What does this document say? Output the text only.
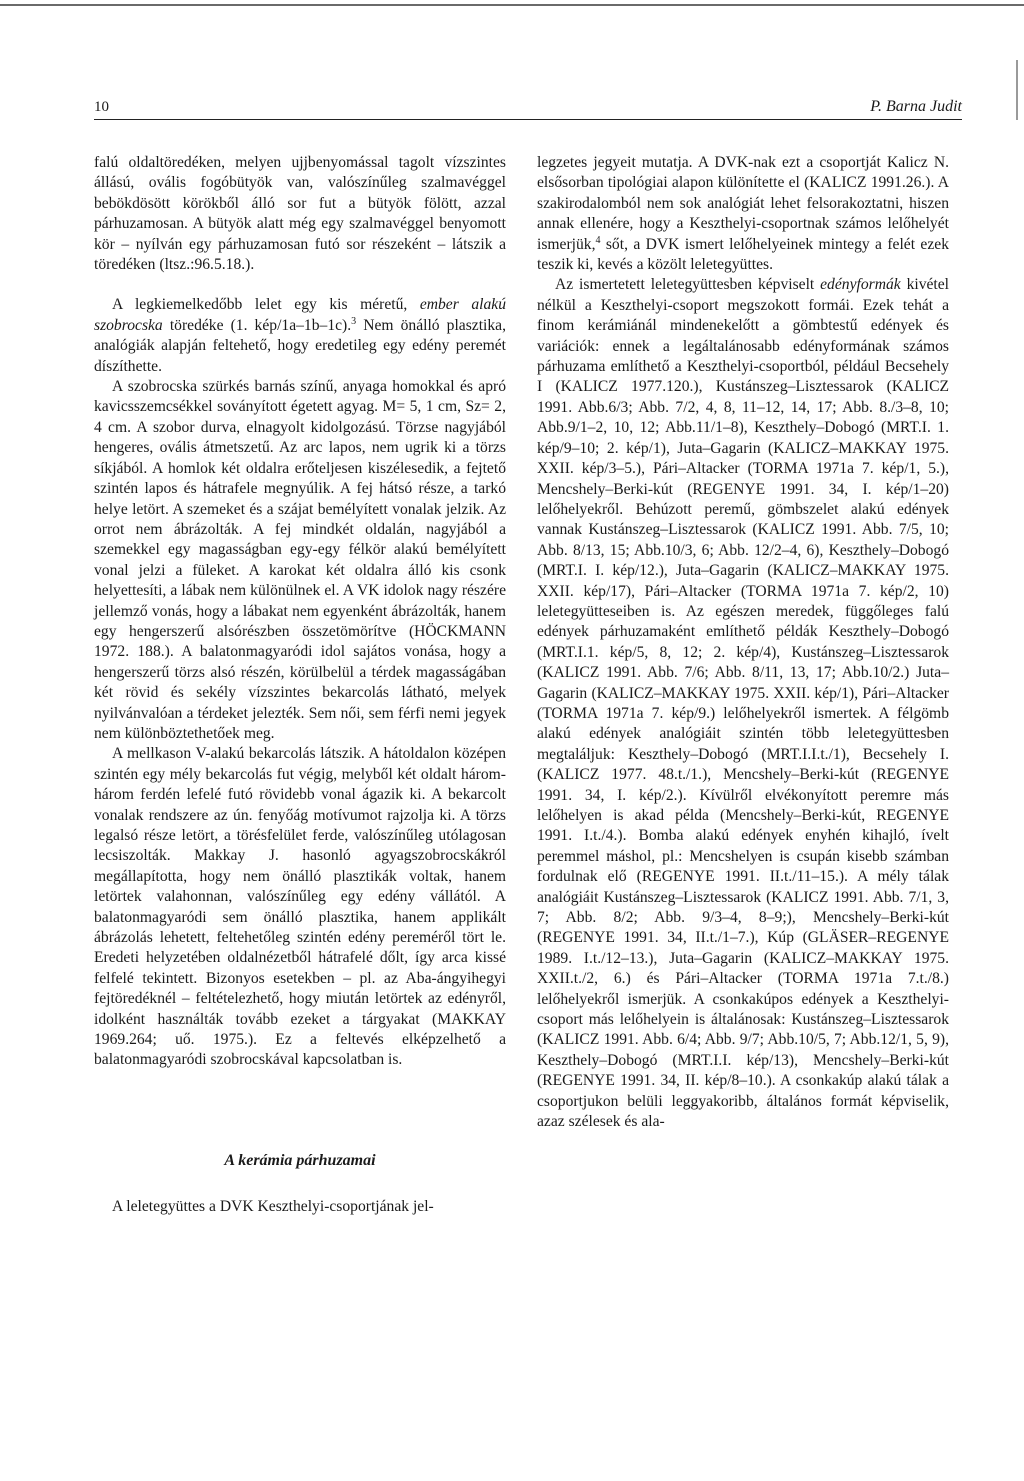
10	P. Barna Judit

falú oldaltöredéken, melyen ujjbenyomással tagolt vízszintes állású, ovális fogóbütyök van, valószínűleg szalmavéggel bebökdösött körökből álló sor fut a bütyök fölött, azzal párhuzamosan. A bütyök alatt még egy szalmavéggel benyomott kör – nyílván egy párhuzamosan futó sor részeként – látszik a töredéken (ltsz.:96.5.18.).

A legkiemelkedőbb lelet egy kis méretű, ember alakú szobrocska töredéke (1. kép/1a–1b–1c).$^3$ Nem önálló plasztika, analógiák alapján feltehető, hogy eredetileg egy edény peremét díszíthette.

A szobrocska szürkés barnás színű, anyaga homokkal és apró kavicsszemcsékkel soványított égetett agyag. M= 5, 1 cm, Sz= 2, 4 cm. A szobor durva, elnagyolt kidolgozású. Törzse nagyjából hengeres, ovális átmetszetű. Az arc lapos, nem ugrik ki a törzs síkjából. A homlok két oldalra erőteljesen kiszélesedik, a fejtető szintén lapos és hátrafele megnyúlik. A fej hátsó része, a tarkó helye letört. A szemeket és a szájat bemélyített vonalak jelzik. Az orrot nem ábrázolták. A fej mindkét oldalán, nagyjából a szemekkel egy magasságban egy-egy félkör alakú bemélyített vonal jelzi a füleket. A karokat két oldalra álló kis csonk helyettesíti, a lábak nem különülnek el. A VK idolok nagy részére jellemző vonás, hogy a lábakat nem egyenként ábrázolták, hanem egy hengerszerű alsórészben összetömörítve (HÖCKMANN 1972. 188.). A balatonmagyaródi idol sajátos vonása, hogy a hengerszerű törzs alsó részén, körülbelül a térdek magasságában két rövid és sekély vízszintes bekarcolás látható, melyek nyilvánvalóan a térdeket jelezték. Sem női, sem férfi nemi jegyek nem különböztethetőek meg.

A mellkason V-alakú bekarcolás látszik. A hátoldalon középen szintén egy mély bekarcolás fut végig, melyből két oldalt három-három ferdén lefelé futó rövidebb vonal ágazik ki. A bekarcolt vonalak rendszere az ún. fenyőág motívumot rajzolja ki. A törzs legalsó része letört, a törésfelület ferde, valószínűleg utólagosan lecsiszolták. Makkay J. hasonló agyagszobrocskákról megállapította, hogy nem önálló plasztikák voltak, hanem letörtek valahonnan, valószínűleg egy edény vállától. A balatonmagyaródi sem önálló plasztika, hanem applikált ábrázolás lehetett, feltehetőleg szintén edény pereméről tört le. Eredeti helyzetében oldalnézetből hátrafelé dőlt, így arca kissé felfelé tekintett. Bizonyos esetekben – pl. az Aba-ángyihegyi fejtöredéknél – feltételezhető, hogy miután letörtek az edényről, idolként használták tovább ezeket a tárgyakat (MAKKAY 1969.264; uő. 1975.). Ez a feltevés elképzelhető a balatonmagyaródi szobrocskával kapcsolatban is.

A kerámia párhuzamai

A leletegyüttes a DVK Keszthelyi-csoportjának jel-

legzetes jegyeit mutatja. A DVK-nak ezt a csoportját Kalicz N. elsősorban tipológiai alapon különítette el (KALICZ 1991.26.). A szakirodalomból nem sok analógiát lehet felsorakoztatni, hiszen annak ellenére, hogy a Keszthelyi-csoportnak számos lelőhelyét ismerjük,$^4$ sőt, a DVK ismert lelőhelyeinek mintegy a felét ezek teszik ki, kevés a közölt leletegyüttes.

Az ismertetett leletegyüttesben képviselt edényformák kivétel nélkül a Keszthelyi-csoport megszokott formái. Ezek tehát a finom kerámiánál mindenekelőtt a gömbtestű edények és variációk: ennek a legáltalánosabb edényformának számos párhuzama említhető a Keszthelyi-csoportból, például Becsehely I (KALICZ 1977.120.), Kustánszeg–Lisztessarok (KALICZ 1991. Abb.6/3; Abb. 7/2, 4, 8, 11–12, 14, 17; Abb. 8./3–8, 10; Abb.9/1–2, 10, 12; Abb.11/1–8), Keszthely–Dobogó (MRT.I. 1. kép/9–10; 2. kép/1), Juta–Gagarin (KALICZ–MAKKAY 1975. XXII. kép/3–5.), Pári–Altacker (TORMA 1971a 7. kép/1, 5.), Mencshely–Berki-kút (REGENYE 1991. 34, I. kép/1–20) lelőhelyekről. Behúzott peremű, gömbszelet alakú edények vannak Kustánszeg–Lisztessarok (KALICZ 1991. Abb. 7/5, 10; Abb. 8/13, 15; Abb.10/3, 6; Abb. 12/2–4, 6), Keszthely–Dobogó (MRT.I. I. kép/12.), Juta–Gagarin (KALICZ–MAKKAY 1975. XXII. kép/17), Pári–Altacker (TORMA 1971a 7. kép/2, 10) leletegyütteseiben is. Az egészen meredek, függőleges falú edények párhuzamaként említhető példák Keszthely–Dobogó (MRT.I.1. kép/5, 8, 12; 2. kép/4), Kustánszeg–Lisztessarok (KALICZ 1991. Abb. 7/6; Abb. 8/11, 13, 17; Abb.10/2.) Juta–Gagarin (KALICZ–MAKKAY 1975. XXII. kép/1), Pári–Altacker (TORMA 1971a 7. kép/9.) lelőhelyekről ismertek. A félgömb alakú edények analógiáit szintén több leletegyüttesben megtaláljuk: Keszthely–Dobogó (MRT.I.I.t./1), Becsehely I. (KALICZ 1977. 48.t./1.), Mencshely–Berki-kút (REGENYE 1991. 34, I. kép/2.). Kívülről elvékonyított peremre más lelőhelyen is akad példa (Mencshely–Berki-kút, REGENYE 1991. I.t./4.). Bomba alakú edények enyhén kihajló, ívelt peremmel máshol, pl.: Mencshelyen is csupán kisebb számban fordulnak elő (REGENYE 1991. II.t./11–15.). A mély tálak analógiáit Kustánszeg–Lisztessarok (KALICZ 1991. Abb. 7/1, 3, 7; Abb. 8/2; Abb. 9/3–4, 8–9;), Mencshely–Berki-kút (REGENYE 1991. 34, II.t./1–7.), Kúp (GLÄSER–REGENYE 1989. I.t./12–13.), Juta–Gagarin (KALICZ–MAKKAY 1975. XXII.t./2, 6.) és Pári–Altacker (TORMA 1971a 7.t./8.) lelőhelyekről ismerjük. A csonkakúpos edények a Keszthelyi-csoport más lelőhelyein is általánosak: Kustánszeg–Lisztessarok (KALICZ 1991. Abb. 6/4; Abb. 9/7; Abb.10/5, 7; Abb.12/1, 5, 9), Keszthely–Dobogó (MRT.I.I. kép/13), Mencshely–Berki-kút (REGENYE 1991. 34, II. kép/8–10.). A csonkakúp alakú tálak a csoportjukon belüli leggyakoribb, általános formát képviselik, azaz szélesek és ala-
